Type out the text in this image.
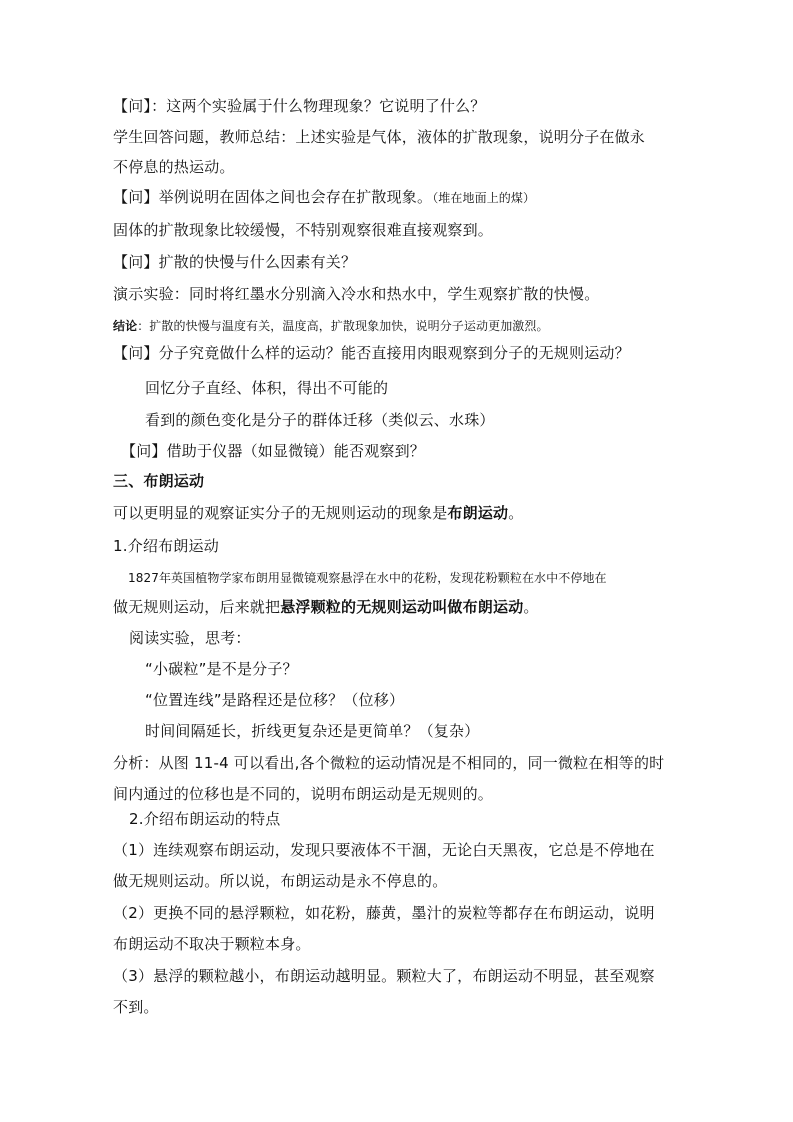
【问】：这两个实验属于什么物理现象？它说明了什么？
学生回答问题，教师总结：上述实验是气体，液体的扩散现象，说明分子在做永
不停息的热运动。
【问】举例说明在固体之间也会存在扩散现象。（堆在地面上的煤）
固体的扩散现象比较缓慢，不特别观察很难直接观察到。
【问】扩散的快慢与什么因素有关？
演示实验：同时将红墨水分别滴入冷水和热水中，学生观察扩散的快慢。
结论：扩散的快慢与温度有关，温度高，扩散现象加快，说明分子运动更加激烈。
【问】分子究竟做什么样的运动？能否直接用肉眼观察到分子的无规则运动？
回忆分子直经、体积，得出不可能的
看到的颜色变化是分子的群体迁移（类似云、水珠）
【问】借助于仪器（如显微镜）能否观察到？
三、布朗运动
可以更明显的观察证实分子的无规则运动的现象是布朗运动。
1.介绍布朗运动
1827年英国植物学家布朗用显微镜观察悬浮在水中的花粉，发现花粉颗粒在水中不停地在
做无规则运动，后来就把悬浮颗粒的无规则运动叫做布朗运动。
阅读实验，思考：
“小碳粒”是不是分子？
“位置连线”是路程还是位移？（位移）
时间间隔延长，折线更复杂还是更简单？（复杂）
分析：从图 11-4 可以看出,各个微粒的运动情况是不相同的，同一微粒在相等的时
间内通过的位移也是不同的，说明布朗运动是无规则的。
2.介绍布朗运动的特点
（1）连续观察布朗运动，发现只要液体不干涸，无论白天黑夜，它总是不停地在
做无规则运动。所以说，布朗运动是永不停息的。
（2）更换不同的悬浮颗粒，如花粉，藤黄，墨汁的炭粒等都存在布朗运动，说明
布朗运动不取决于颗粒本身。
（3）悬浮的颗粒越小，布朗运动越明显。颗粒大了，布朗运动不明显，甚至观察
不到。
